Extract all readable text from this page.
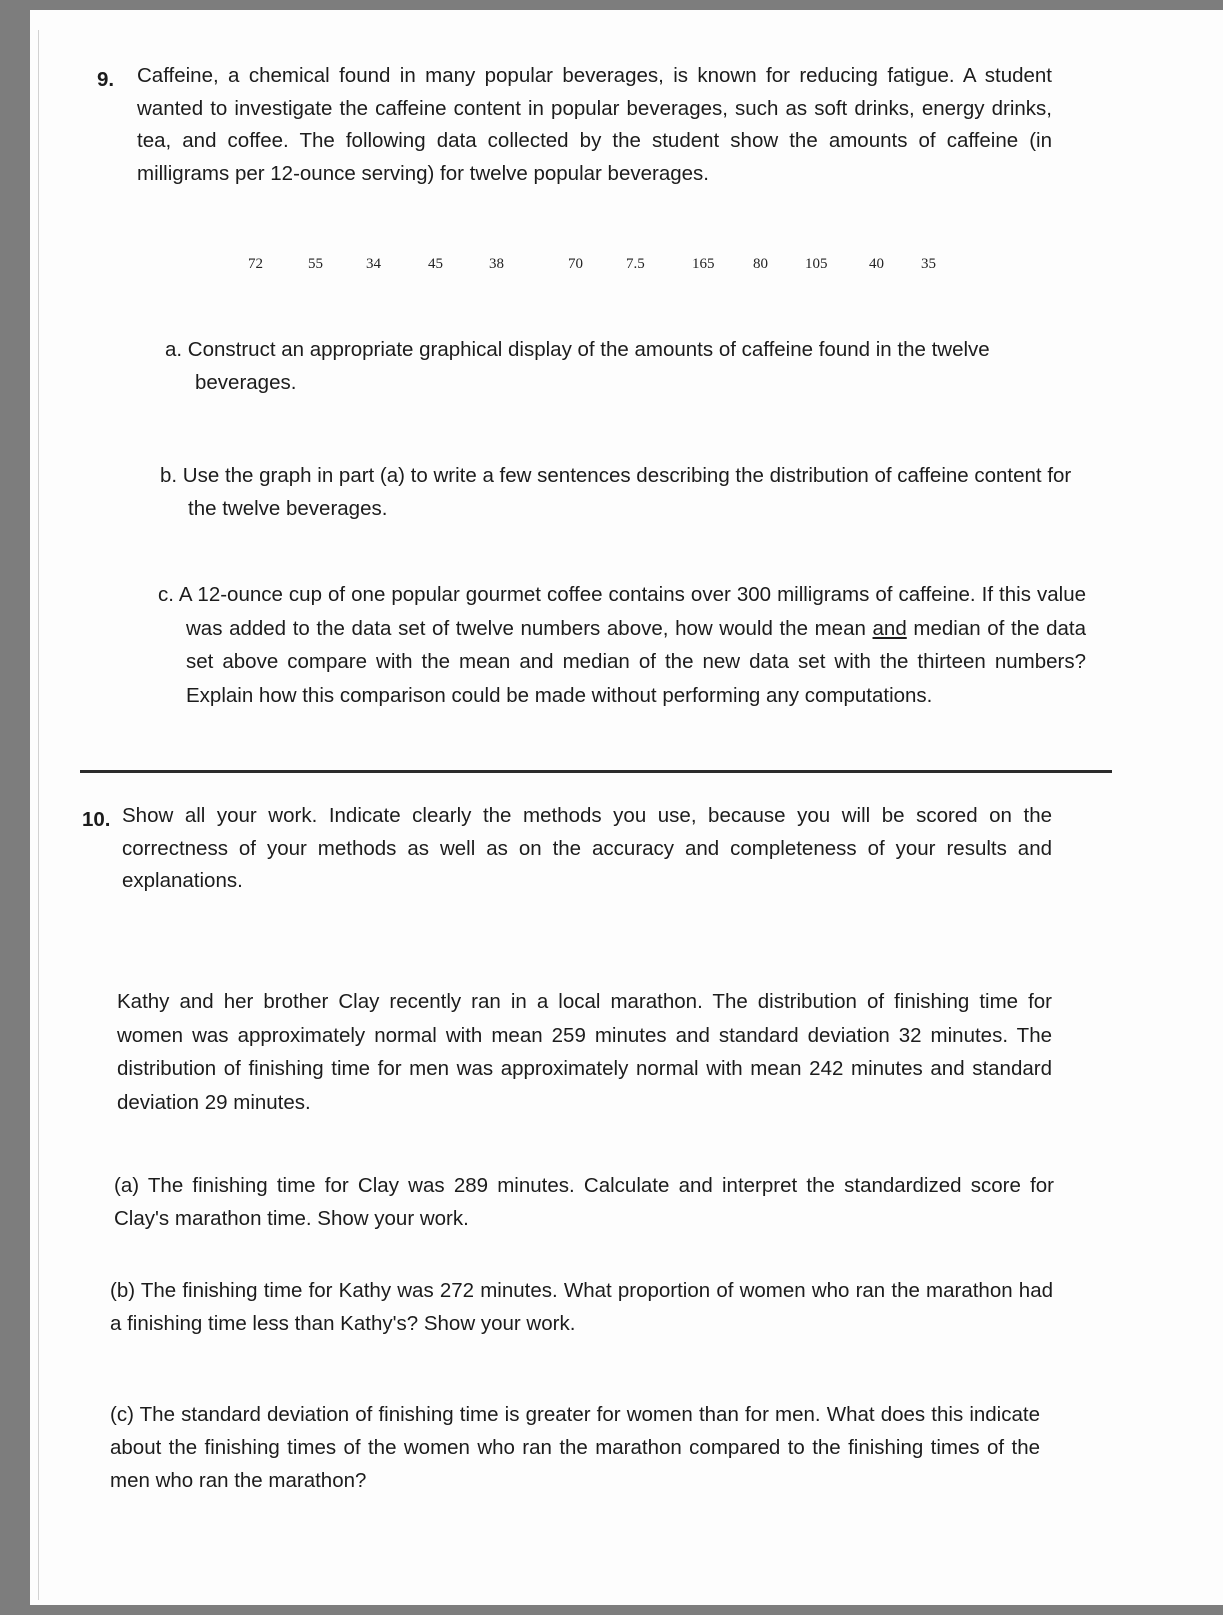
9. Caffeine, a chemical found in many popular beverages, is known for reducing fatigue. A student wanted to investigate the caffeine content in popular beverages, such as soft drinks, energy drinks, tea, and coffee. The following data collected by the student show the amounts of caffeine (in milligrams per 12-ounce serving) for twelve popular beverages.

72	55	34	45	38	70	7.5	165	80 105	40 35

a. Construct an appropriate graphical display of the amounts of caffeine found in the twelve beverages.

b. Use the graph in part (a) to write a few sentences describing the distribution of caffeine content for the twelve beverages.

c. A 12-ounce cup of one popular gourmet coffee contains over 300 milligrams of caffeine. If this value was added to the data set of twelve numbers above, how would the mean and median of the data set above compare with the mean and median of the new data set with the thirteen numbers? Explain how this comparison could be made without performing any computations.

10. Show all your work. Indicate clearly the methods you use, because you will be scored on the correctness of your methods as well as on the accuracy and completeness of your results and explanations.

Kathy and her brother Clay recently ran in a local marathon. The distribution of finishing time for women was approximately normal with mean 259 minutes and standard deviation 32 minutes. The distribution of finishing time for men was approximately normal with mean 242 minutes and standard deviation 29 minutes.

(a) The finishing time for Clay was 289 minutes. Calculate and interpret the standardized score for Clay's marathon time. Show your work.

(b) The finishing time for Kathy was 272 minutes. What proportion of women who ran the marathon had a finishing time less than Kathy's? Show your work.

(c) The standard deviation of finishing time is greater for women than for men. What does this indicate about the finishing times of the women who ran the marathon compared to the finishing times of the men who ran the marathon?
